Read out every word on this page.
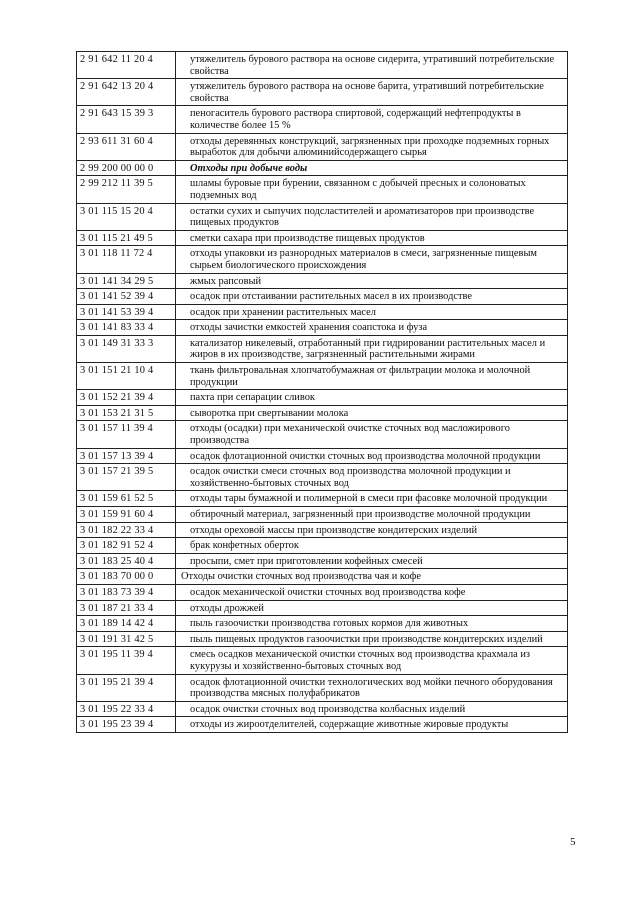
2 91 642 11 20 4	утяжелитель бурового раствора на основе сидерита, утративший потребительские свойства
2 91 642 13 20 4	утяжелитель бурового раствора на основе барита, утративший потребительские свойства
2 91 643 15 39 3	пеногаситель бурового раствора спиртовой, содержащий нефтепродукты в количестве более 15 %
2 93 611 31 60 4	отходы деревянных конструкций, загрязненных при проходке подземных горных выработок для добычи алюминийсодержащего сырья
2 99 200 00 00 0	Отходы при добыче воды
2 99 212 11 39 5	шламы буровые при бурении, связанном с добычей пресных и солоноватых подземных вод
3 01 115 15 20 4	остатки сухих и сыпучих подсластителей и ароматизаторов при производстве пищевых продуктов
3 01 115 21 49 5	сметки сахара при производстве пищевых продуктов
3 01 118 11 72 4	отходы упаковки из разнородных материалов в смеси, загрязненные пищевым сырьем биологического происхождения
3 01 141 34 29 5	жмых рапсовый
3 01 141 52 39 4	осадок при отстаивании растительных масел в их производстве
3 01 141 53 39 4	осадок при хранении растительных масел
3 01 141 83 33 4	отходы зачистки емкостей хранения соапстока и фуза
3 01 149 31 33 3	катализатор никелевый, отработанный при гидрировании растительных масел и жиров в их производстве, загрязненный растительными жирами
3 01 151 21 10 4	ткань фильтровальная хлопчатобумажная от фильтрации молока и молочной продукции
3 01 152 21 39 4	пахта при сепарации сливок
3 01 153 21 31 5	сыворотка при свертывании молока
3 01 157 11 39 4	отходы (осадки) при механической очистке сточных вод масложирового производства
3 01 157 13 39 4	осадок флотационной очистки сточных вод производства молочной продукции
3 01 157 21 39 5	осадок очистки смеси сточных вод производства молочной продукции и хозяйственно-бытовых сточных вод
3 01 159 61 52 5	отходы тары бумажной и полимерной в смеси при фасовке молочной продукции
3 01 159 91 60 4	обтирочный материал, загрязненный при производстве молочной продукции
3 01 182 22 33 4	отходы ореховой массы при производстве кондитерских изделий
3 01 182 91 52 4	брак конфетных оберток
3 01 183 25 40 4	просыпи, смет при приготовлении кофейных смесей
3 01 183 70 00 0	Отходы очистки сточных вод производства чая и кофе
3 01 183 73 39 4	осадок механической очистки сточных вод производства кофе
3 01 187 21 33 4	отходы дрожжей
3 01 189 14 42 4	пыль газоочистки производства готовых кормов для животных
3 01 191 31 42 5	пыль пищевых продуктов газоочистки при производстве кондитерских изделий
3 01 195 11 39 4	смесь осадков механической очистки сточных вод производства крахмала из кукурузы и хозяйственно-бытовых сточных вод
3 01 195 21 39 4	осадок флотационной очистки технологических вод мойки печного оборудования производства мясных полуфабрикатов
3 01 195 22 33 4	осадок очистки сточных вод производства колбасных изделий
3 01 195 23 39 4	отходы из жироотделителей, содержащие животные жировые продукты
5
